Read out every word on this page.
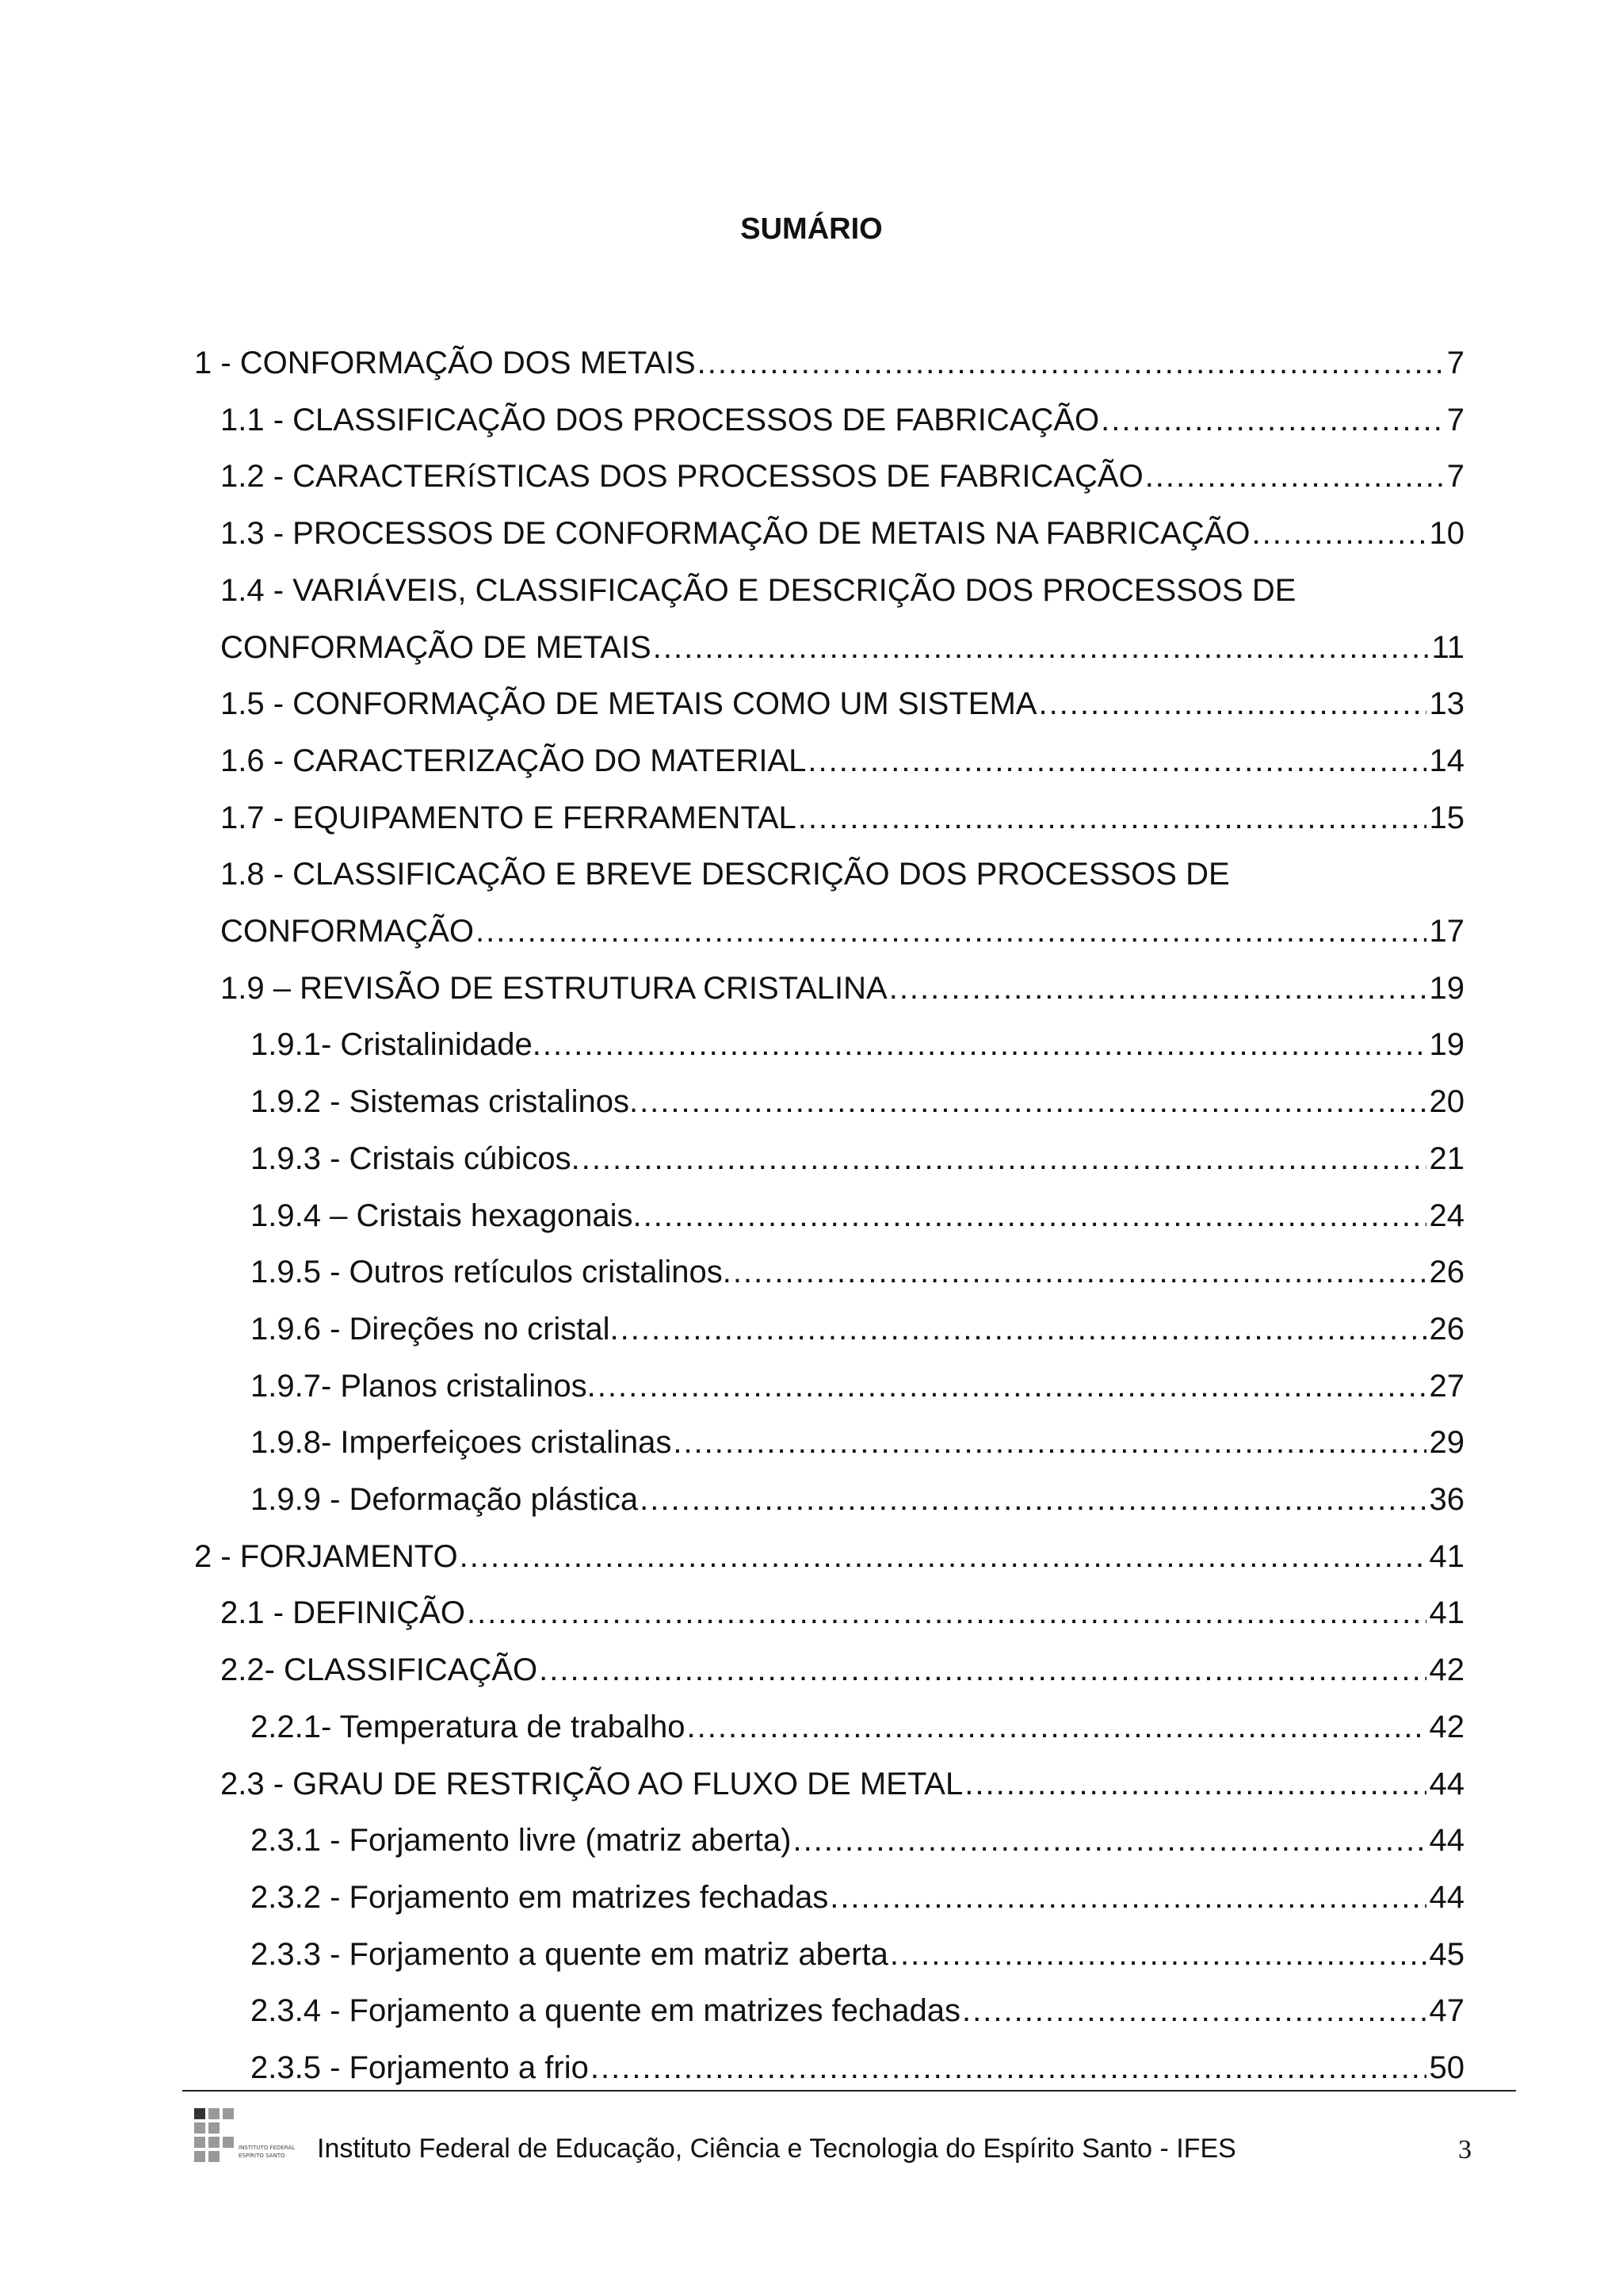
SUMÁRIO
1 - CONFORMAÇÃO DOS METAIS .....	7
1.1 - CLASSIFICAÇÃO DOS PROCESSOS DE FABRICAÇÃO .....	7
1.2 - CARACTERíSTICAS DOS PROCESSOS DE FABRICAÇÃO .....	7
1.3 - PROCESSOS DE CONFORMAÇÃO DE METAIS NA FABRICAÇÃO .....	10
1.4 - VARIÁVEIS, CLASSIFICAÇÃO E DESCRIÇÃO DOS PROCESSOS DE
CONFORMAÇÃO DE METAIS .....	11
1.5 - CONFORMAÇÃO DE METAIS COMO UM SISTEMA .....	13
1.6 - CARACTERIZAÇÃO DO MATERIAL .....	14
1.7 - EQUIPAMENTO E FERRAMENTAL .....	15
1.8 - CLASSIFICAÇÃO E BREVE DESCRIÇÃO DOS PROCESSOS DE
CONFORMAÇÃO .....	17
1.9 – REVISÃO DE ESTRUTURA CRISTALINA .....	19
1.9.1- Cristalinidade. .....	19
1.9.2 - Sistemas cristalinos. .....	20
1.9.3 - Cristais cúbicos. .....	21
1.9.4 – Cristais hexagonais. .....	24
1.9.5 - Outros retículos cristalinos. .....	26
1.9.6 - Direções no cristal. .....	26
1.9.7- Planos cristalinos. .....	27
1.9.8- Imperfeiçoes cristalinas .....	29
1.9.9 - Deformação plástica .....	36
2 - FORJAMENTO .....	41
2.1 - DEFINIÇÃO .....	41
2.2- CLASSIFICAÇÃO .....	42
2.2.1- Temperatura de trabalho .....	42
2.3 - GRAU DE RESTRIÇÃO AO FLUXO DE METAL .....	44
2.3.1 - Forjamento livre (matriz aberta) .....	44
2.3.2 - Forjamento em matrizes fechadas .....	44
2.3.3 - Forjamento a quente em matriz aberta .....	45
2.3.4 - Forjamento a quente em matrizes fechadas .....	47
2.3.5 - Forjamento a frio .....	50
INSTITUTO FEDERAL
ESPÍRITO SANTO Instituto Federal de Educação, Ciência e Tecnologia do Espírito Santo - IFES	3
